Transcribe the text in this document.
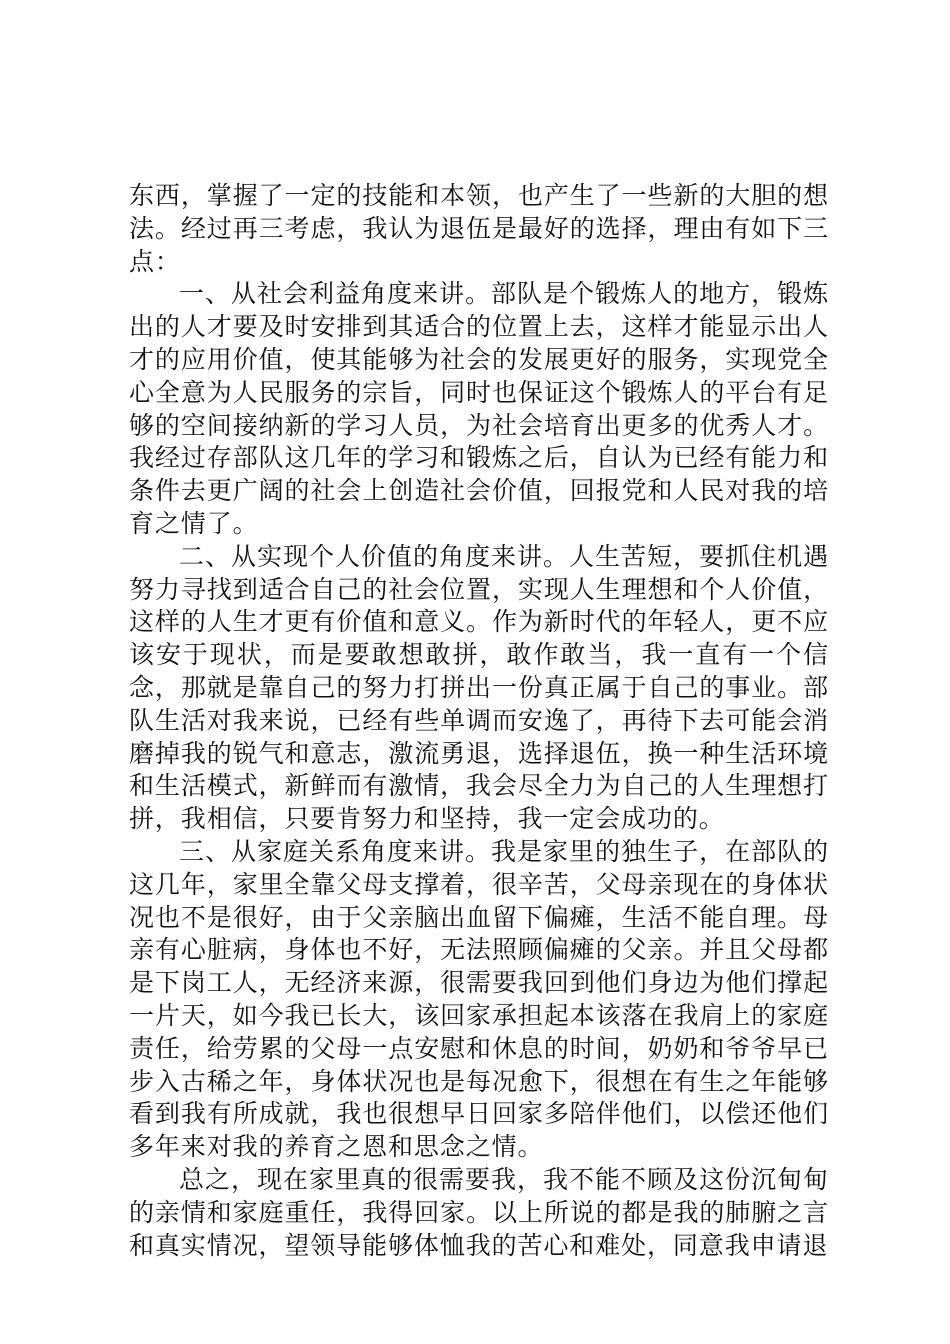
东西，掌握了一定的技能和本领，也产生了一些新的大胆的想法。经过再三考虑，我认为退伍是最好的选择，理由有如下三点：

一、从社会利益角度来讲。部队是个锻炼人的地方，锻炼出的人才要及时安排到其适合的位置上去，这样才能显示出人才的应用价值，使其能够为社会的发展更好的服务，实现党全心全意为人民服务的宗旨，同时也保证这个锻炼人的平台有足够的空间接纳新的学习人员，为社会培育出更多的优秀人才。我经过存部队这几年的学习和锻炼之后，自认为已经有能力和条件去更广阔的社会上创造社会价值，回报党和人民对我的培育之情了。

二、从实现个人价值的角度来讲。人生苦短，要抓住机遇努力寻找到适合自己的社会位置，实现人生理想和个人价值，这样的人生才更有价值和意义。作为新时代的年轻人，更不应该安于现状，而是要敢想敢拼，敢作敢当，我一直有一个信念，那就是靠自己的努力打拼出一份真正属于自己的事业。部队生活对我来说，已经有些单调而安逸了，再待下去可能会消磨掉我的锐气和意志，激流勇退，选择退伍，换一种生活环境和生活模式，新鲜而有激情，我会尽全力为自己的人生理想打拼，我相信，只要肯努力和坚持，我一定会成功的。

三、从家庭关系角度来讲。我是家里的独生子，在部队的这几年，家里全靠父母支撑着，很辛苦，父母亲现在的身体状况也不是很好，由于父亲脑出血留下偏瘫，生活不能自理。母亲有心脏病，身体也不好，无法照顾偏瘫的父亲。并且父母都是下岗工人，无经济来源，很需要我回到他们身边为他们撑起一片天，如今我已长大，该回家承担起本该落在我肩上的家庭责任，给劳累的父母一点安慰和休息的时间，奶奶和爷爷早已步入古稀之年，身体状况也是每况愈下，很想在有生之年能够看到我有所成就，我也很想早日回家多陪伴他们，以偿还他们多年来对我的养育之恩和思念之情。

总之，现在家里真的很需要我，我不能不顾及这份沉甸甸的亲情和家庭重任，我得回家。以上所说的都是我的肺腑之言和真实情况，望领导能够体恤我的苦心和难处，同意我申请退
